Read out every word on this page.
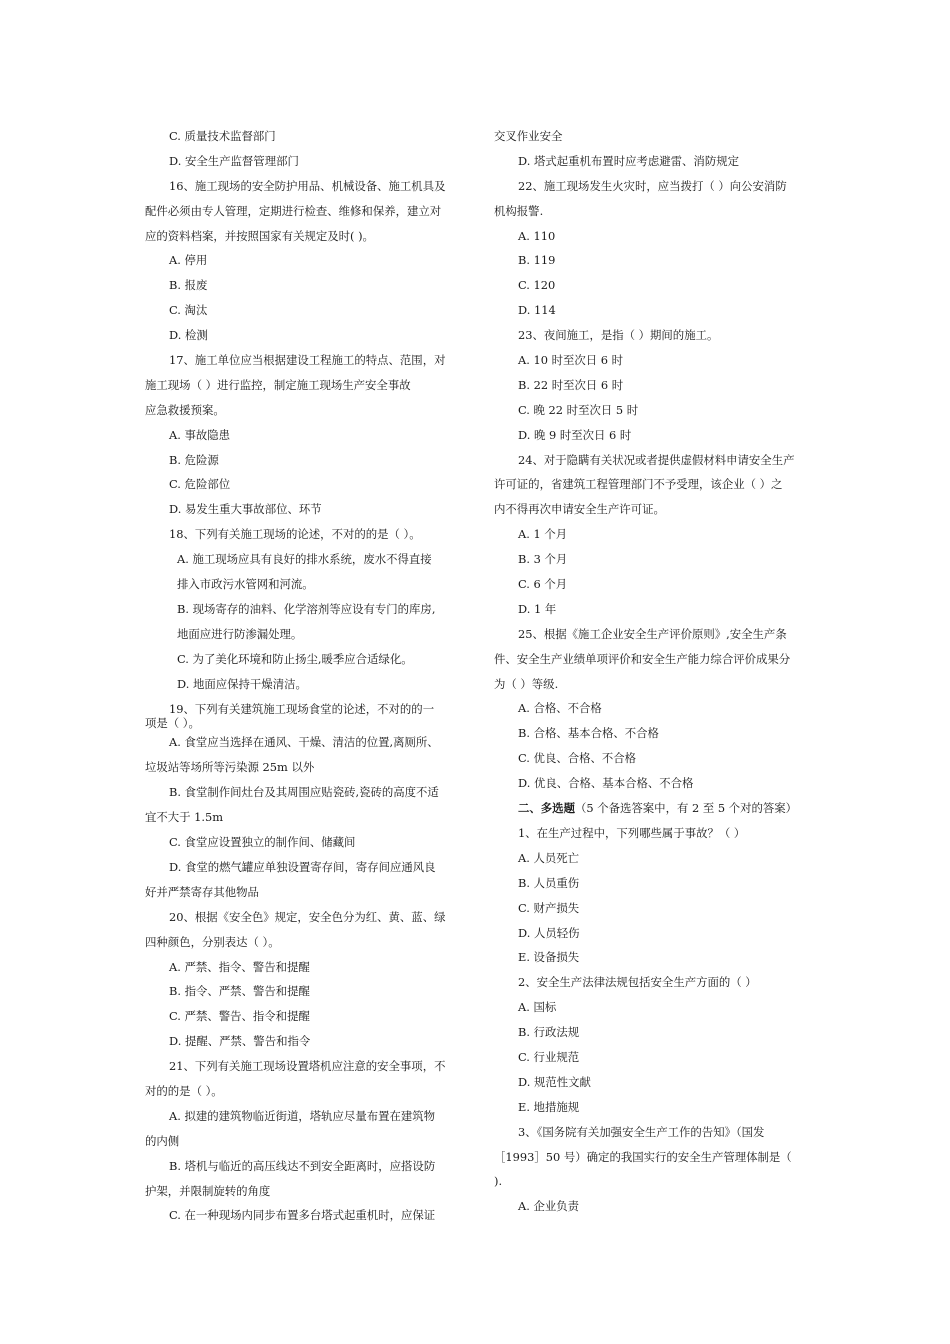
C. 质量技术监督部门
D. 安全生产监督管理部门
16、施工现场的安全防护用品、机械设备、施工机具及
配件必须由专人管理，定期进行检查、维修和保养，建立对
应的资料档案，并按照国家有关规定及时( )。
A. 停用
B. 报废
C. 淘汰
D. 检测
17、施工单位应当根据建设工程施工的特点、范围，对
施工现场（ ）进行监控，制定施工现场生产安全事故
应急救援预案。
A. 事故隐患
B. 危险源
C. 危险部位
D. 易发生重大事故部位、环节
18、下列有关施工现场的论述，不对的的是（ ）。
A. 施工现场应具有良好的排水系统，废水不得直接
排入市政污水管网和河流。
B. 现场寄存的油料、化学溶剂等应设有专门的库房,
地面应进行防渗漏处理。
C. 为了美化环境和防止扬尘,暖季应合适绿化。
D. 地面应保持干燥清洁。
19、下列有关建筑施工现场食堂的论述，不对的的一
项是（ ）。
A. 食堂应当选择在通风、干燥、清洁的位置,离厕所、
垃圾站等场所等污染源 25m 以外
B. 食堂制作间灶台及其周围应贴瓷砖,瓷砖的高度不适
宜不大于 1.5m
C. 食堂应设置独立的制作间、储藏间
D. 食堂的燃气罐应单独设置寄存间，寄存间应通风良
好并严禁寄存其他物品
20、根据《安全色》规定，安全色分为红、黄、蓝、绿
四种颜色，分别表达（ ）。
A. 严禁、指令、警告和提醒
B. 指令、严禁、警告和提醒
C. 严禁、警告、指令和提醒
D. 提醒、严禁、警告和指令
21、下列有关施工现场设置塔机应注意的安全事项，不
对的的是（ ）。
A. 拟建的建筑物临近街道，塔轨应尽量布置在建筑物
的内侧
B. 塔机与临近的高压线达不到安全距离时，应搭设防
护架，并限制旋转的角度
C. 在一种现场内同步布置多台塔式起重机时，应保证
交叉作业安全
D. 塔式起重机布置时应考虑避雷、消防规定
22、施工现场发生火灾时，应当拨打（ ）向公安消防
机构报警.
A. 110
B. 119
C. 120
D. 114
23、夜间施工，是指（ ）期间的施工。
A. 10 时至次日 6 时
B. 22 时至次日 6 时
C. 晚 22 时至次日 5 时
D. 晚 9 时至次日 6 时
24、对于隐瞒有关状况或者提供虚假材料申请安全生产
许可证的，省建筑工程管理部门不予受理，该企业（ ）之
内不得再次申请安全生产许可证。
A. 1 个月
B. 3 个月
C. 6 个月
D. 1 年
25、根据《施工企业安全生产评价原则》,安全生产条
件、安全生产业绩单项评价和安全生产能力综合评价成果分
为（ ）等级.
A. 合格、不合格
B. 合格、基本合格、不合格
C. 优良、合格、不合格
D. 优良、合格、基本合格、不合格
二、多选题（5 个备选答案中，有 2 至 5 个对的答案）
1、在生产过程中，下列哪些属于事故？（ ）
A. 人员死亡
B. 人员重伤
C. 财产损失
D. 人员轻伤
E. 设备损失
2、安全生产法律法规包括安全生产方面的（ ）
A. 国标
B. 行政法规
C. 行业规范
D. 规范性文献
E. 地措施规
3、《国务院有关加强安全生产工作的告知》（国发
［1993］50 号）确定的我国实行的安全生产管理体制是（
).
A. 企业负责
